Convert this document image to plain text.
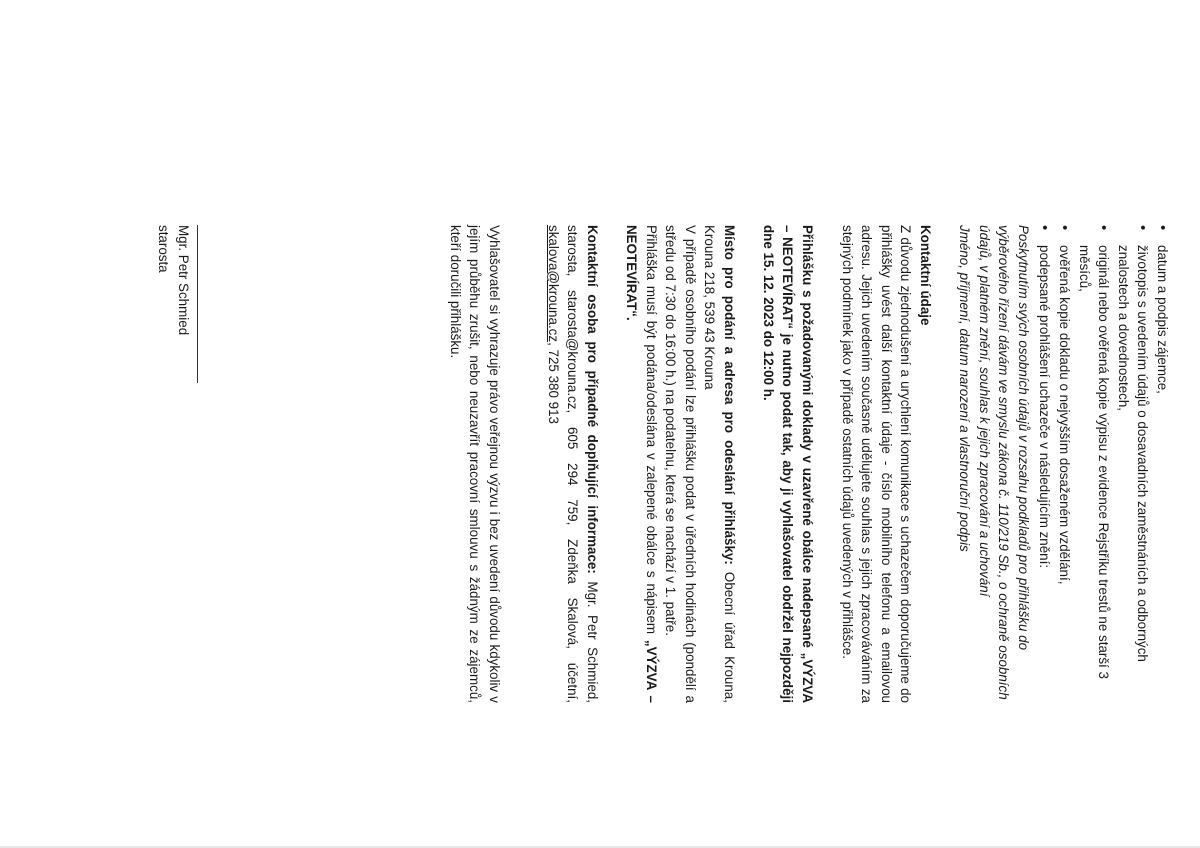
• datum a podpis zájemce,
• životopis s uvedením údajů o dosavadních zaměstnáních a odborných znalostech a dovednostech,
• originál nebo ověřená kopie výpisu z evidence Rejstříku trestů ne starší 3 měsíců,
• ověřená kopie dokladu o nejvyšším dosaženém vzdělání,
• podepsané prohlášení uchazeče v následujícím znění:
Poskytnutím svých osobních údajů v rozsahu podkladů pro přihlášku do výběrového řízení dávám ve smyslu zákona č. 110/219 Sb., o ochraně osobních údajů, v platném znění, souhlas k jejich zpracování a uchování
Jméno, příjmení, datum narození a vlastnoruční podpis
Kontaktní údaje
Z důvodu zjednodušení a urychlení komunikace s uchazečem doporučujeme do přihlášky uvést další kontaktní údaje - číslo mobilního telefonu a emailovou adresu. Jejich uvedením současně udělujete souhlas s jejich zpracováváním za stejných podmínek jako v případě ostatních údajů uvedených v přihlášce.
Přihlášku s požadovanými doklady v uzavřené obálce nadepsané „VÝZVA – NEOTEVÍRAT“ je nutno podat tak, aby ji vyhlašovatel obdržel nejpozději dne 15. 12. 2023 do 12:00 h.
Místo pro podání a adresa pro odeslání přihlášky: Obecní úřad Krouna, Krouna 218, 539 43 Krouna
V případě osobního podání lze přihlášku podat v úředních hodinách (pondělí a středu od 7:30 do 16:00 h.) na podatelnu, která se nachází v 1. patře.
Přihláška musí být podána/odeslána v zalepené obálce s nápisem „VÝZVA – NEOTEVÍRAT“.
Kontaktní osoba pro případné doplňující informace: Mgr. Petr Schmied, starosta, starosta@krouna.cz, 605 294 759, Zdeňka Skalová, účetní, skalova@krouna.cz, 725 380 913
Vyhlašovatel si vyhrazuje právo veřejnou výzvu i bez uvedení důvodu kdykoliv v jejím průběhu zrušit, nebo neuzavřít pracovní smlouvu s žádným ze zájemců, kteří doručili přihlášku.
Mgr. Petr Schmied
starosta
